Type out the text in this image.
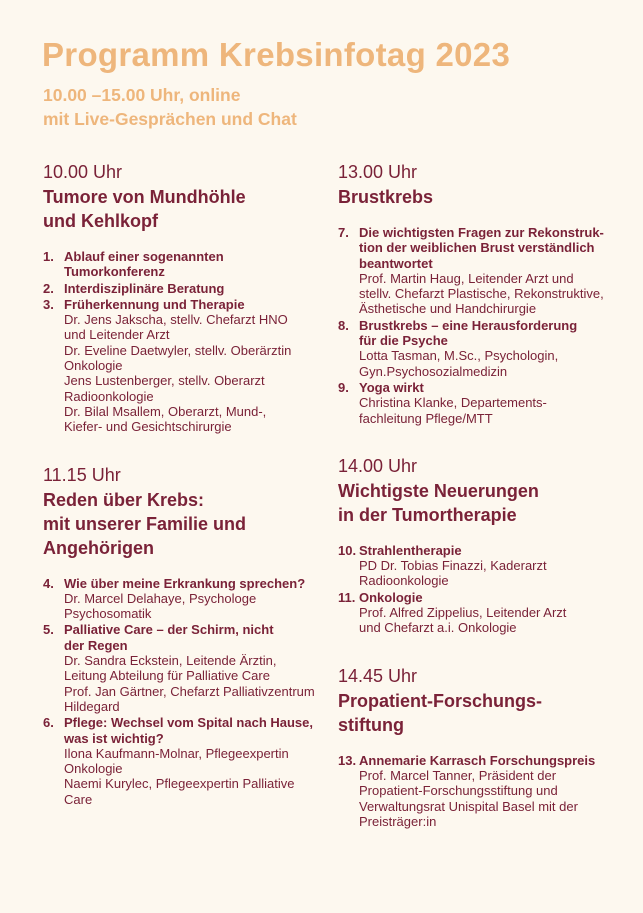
Programm Krebsinfotag 2023
10.00 –15.00 Uhr, online
mit Live-Gesprächen und Chat

10.00 Uhr

Tumore von Mundhöhle
und Kehlkopf
1. Ablauf einer sogenannten
Tumorkonferenz
2. Interdisziplinäre Beratung
3. Früherkennung und Therapie
Dr. Jens Jakscha, stellv. Chefarzt HNO
und Leitender Arzt
Dr. Eveline Daetwyler, stellv. Oberärztin
Onkologie
Jens Lustenberger, stellv. Oberarzt
Radioonkologie
Dr. Bilal Msallem, Oberarzt, Mund-,
Kiefer- und Gesichtschirurgie

11.15 Uhr

Reden über Krebs:
mit unserer Familie und
Angehörigen
4. Wie über meine Erkrankung sprechen?
Dr. Marcel Delahaye, Psychologe
Psychosomatik
5. Palliative Care – der Schirm, nicht
der Regen
Dr. Sandra Eckstein, Leitende Ärztin,
Leitung Abteilung für Palliative Care
Prof. Jan Gärtner, Chefarzt Palliativzentrum
Hildegard
6. Pflege: Wechsel vom Spital nach Hause,
was ist wichtig?
Ilona Kaufmann-Molnar, Pflegeexpertin
Onkologie
Naemi Kurylec, Pflegeexpertin Palliative
Care

13.00 Uhr

Brustkrebs
7. Die wichtigsten Fragen zur Rekonstruk-
tion der weiblichen Brust verständlich
beantwortet
Prof. Martin Haug, Leitender Arzt und
stellv. Chefarzt Plastische, Rekonstruktive,
Ästhetische und Handchirurgie
8. Brustkrebs – eine Herausforderung
für die Psyche
Lotta Tasman, M.Sc., Psychologin,
Gyn.Psychosozialmedizin
9. Yoga wirkt
Christina Klanke, Departements-
fachleitung Pflege/MTT

14.00 Uhr

Wichtigste Neuerungen
in der Tumortherapie
10. Strahlentherapie
PD Dr. Tobias Finazzi, Kaderarzt
Radioonkologie
11. Onkologie
Prof. Alfred Zippelius, Leitender Arzt
und Chefarzt a.i. Onkologie

14.45 Uhr

Propatient-Forschungs-
stiftung
13. Annemarie Karrasch Forschungspreis
Prof. Marcel Tanner, Präsident der
Propatient-Forschungsstiftung und
Verwaltungsrat Unispital Basel mit der
Preisträger:in
